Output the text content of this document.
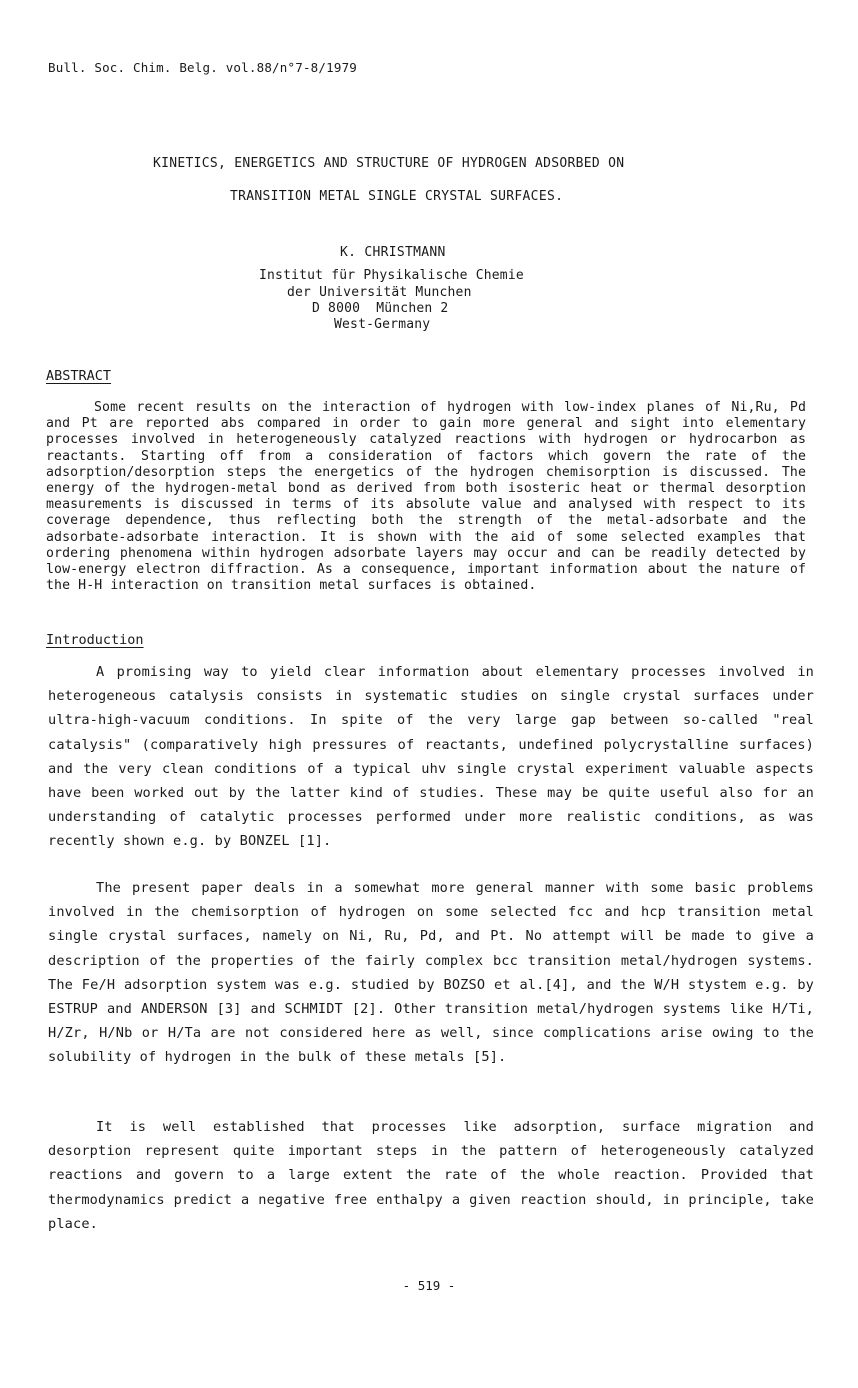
Bull. Soc. Chim. Belg. vol.88/n°7-8/1979
KINETICS, ENERGETICS AND STRUCTURE OF HYDROGEN ADSORBED ON
TRANSITION METAL SINGLE CRYSTAL SURFACES.
K. CHRISTMANN
Institut für Physikalische Chemie
der Universität Munchen
D 8000  München 2
West-Germany
ABSTRACT
Some recent results on the interaction of hydrogen with low-index planes of Ni,Ru, Pd and Pt are reported abs compared in order to gain more general and sight into elementary processes involved in heterogeneously catalyzed reactions with hydrogen or hydrocarbon as reactants. Starting off from a consideration of factors which govern the rate of the adsorption/desorption steps the energetics of the hydrogen chemisorption is discussed. The energy of the hydrogen-metal bond as derived from both isosteric heat or thermal desorption measurements is discussed in terms of its absolute value and analysed with respect to its coverage dependence, thus reflecting both the strength of the metal-adsorbate and the adsorbate-adsorbate interaction. It is shown with the aid of some selected examples that ordering phenomena within hydrogen adsorbate layers may occur and can be readily detected by low-energy electron diffraction. As a consequence, important information about the nature of the H-H interaction on transition metal surfaces is obtained.
Introduction
A promising way to yield clear information about elementary processes involved in heterogeneous catalysis consists in systematic studies on single crystal surfaces under ultra-high-vacuum conditions. In spite of the very large gap between so-called "real catalysis" (comparatively high pressures of reactants, undefined polycrystalline surfaces) and the very clean conditions of a typical uhv single crystal experiment valuable aspects have been worked out by the latter kind of studies. These may be quite useful also for an understanding of catalytic processes performed under more realistic conditions, as was recently shown e.g. by BONZEL [1].
The present paper deals in a somewhat more general manner with some basic problems involved in the chemisorption of hydrogen on some selected fcc and hcp transition metal single crystal surfaces, namely on Ni, Ru, Pd, and Pt. No attempt will be made to give a description of the properties of the fairly complex bcc transition metal/hydrogen systems. The Fe/H adsorption system was e.g. studied by BOZSO et al.[4], and the W/H stystem e.g. by ESTRUP and ANDERSON [3] and SCHMIDT [2]. Other transition metal/hydrogen systems like H/Ti, H/Zr, H/Nb or H/Ta are not considered here as well, since complications arise owing to the solubility of hydrogen in the bulk of these metals [5].
It is well established that processes like adsorption, surface migration and desorption represent quite important steps in the pattern of heterogeneously catalyzed reactions and govern to a large extent the rate of the whole reaction. Provided that thermodynamics predict a negative free enthalpy a given reaction should, in principle, take place.
- 519 -
